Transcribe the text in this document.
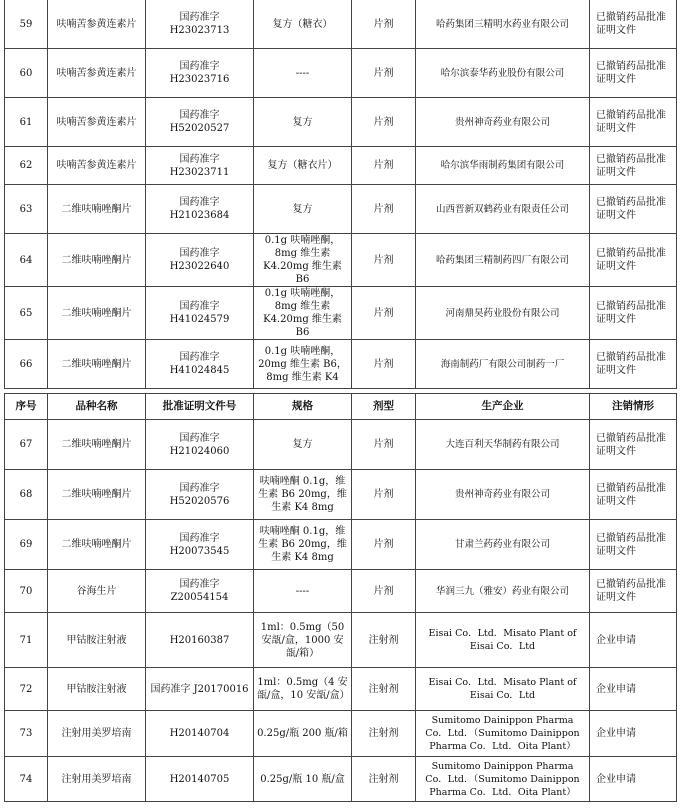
59	呋喃苦参黄连素片	国药准字 H23023713	复方（糖衣）	片剂	哈药集团三精明水药业有限公司	已撤销药品批准证明文件
60	呋喃苦参黄连素片	国药准字 H23023716	----	片剂	哈尔滨泰华药业股份有限公司	已撤销药品批准证明文件
61	呋喃苦参黄连素片	国药准字 H52020527	复方	片剂	贵州神奇药业有限公司	已撤销药品批准证明文件
62	呋喃苦参黄连素片	国药准字 H23023711	复方（糖衣片）	片剂	哈尔滨华雨制药集团有限公司	已撤销药品批准证明文件
63	二维呋喃唑酮片	国药准字 H21023684	复方	片剂	山西晋新双鹤药业有限责任公司	已撤销药品批准证明文件
64	二维呋喃唑酮片	国药准字 H23022640	0.1g 呋喃唑酮，8mg 维生素 K4.20mg 维生素 B6	片剂	哈药集团三精制药四厂有限公司	已撤销药品批准证明文件
65	二维呋喃唑酮片	国药准字 H41024579	0.1g 呋喃唑酮，8mg 维生素 K4.20mg 维生素 B6	片剂	河南鼎昊药业股份有限公司	已撤销药品批准证明文件
66	二维呋喃唑酮片	国药准字 H41024845	0.1g 呋喃唑酮，20mg 维生素 B6，8mg 维生素 K4	片剂	海南制药厂有限公司制药一厂	已撤销药品批准证明文件
序号	品种名称	批准证明文件号	规格	剂型	生产企业	注销情形
67	二维呋喃唑酮片	国药准字 H21024060	复方	片剂	大连百利天华制药有限公司	已撤销药品批准证明文件
68	二维呋喃唑酮片	国药准字 H52020576	呋喃唑酮 0.1g，维生素 B6 20mg，维生素 K4 8mg	片剂	贵州神奇药业有限公司	已撤销药品批准证明文件
69	二维呋喃唑酮片	国药准字 H20073545	呋喃唑酮 0.1g，维生素 B6 20mg，维生素 K4 8mg	片剂	甘肃兰药药业有限公司	已撤销药品批准证明文件
70	谷海生片	国药准字 Z20054154	----	片剂	华润三九（雅安）药业有限公司	已撤销药品批准证明文件
71	甲钴胺注射液	H20160387	1ml：0.5mg（50 安瓿/盒，1000 安瓿/箱）	注射剂	Eisai Co．Ltd．Misato Plant of Eisai Co．Ltd	企业申请
72	甲钴胺注射液	国药准字 J20170016	1ml：0.5mg（4 安瓿/盒，10 安瓿/盒）	注射剂	Eisai Co．Ltd．Misato Plant of Eisai Co．Ltd	企业申请
73	注射用美罗培南	H20140704	0.25g/瓶 200 瓶/箱	注射剂	Sumitomo Dainippon Pharma Co．Ltd．（Sumitomo Dainippon Pharma Co．Ltd．Oita Plant）	企业申请
74	注射用美罗培南	H20140705	0.25g/瓶 10 瓶/盒	注射剂	Sumitomo Dainippon Pharma Co．Ltd．（Sumitomo Dainippon Pharma Co．Ltd．Oita Plant）	企业申请
